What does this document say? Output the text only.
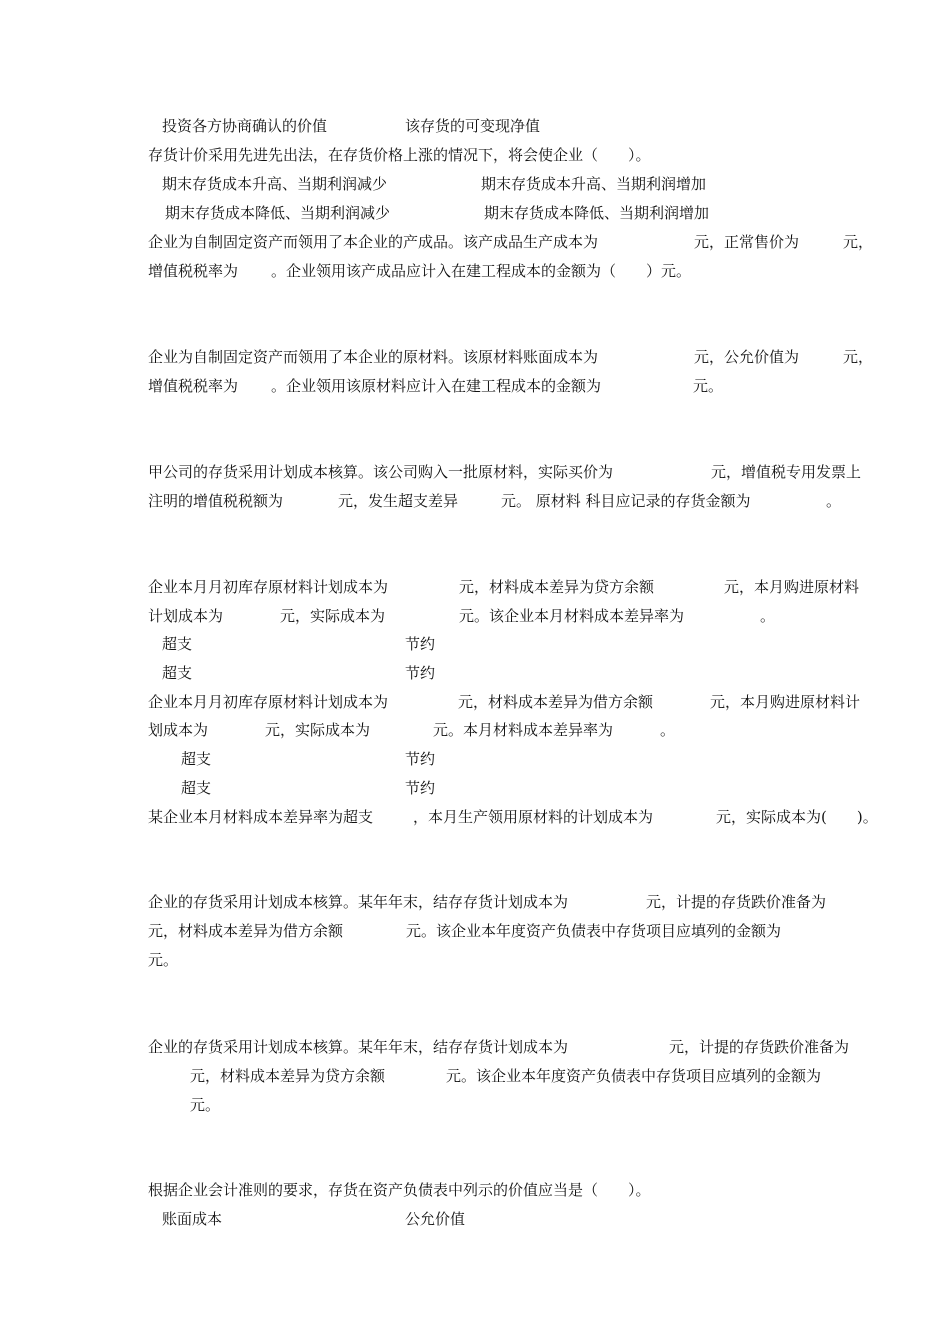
投资各方协商确认的价值	该存货的可变现净值
存货计价采用先进先出法，在存货价格上涨的情况下，将会使企业（　　）。
期末存货成本升高、当期利润减少	期末存货成本升高、当期利润增加
期末存货成本降低、当期利润减少	期末存货成本降低、当期利润增加
企业为自制固定资产而领用了本企业的产成品。该产成品生产成本为	元，正常售价为	元，
增值税税率为 。企业领用该产成品应计入在建工程成本的金额为（　　）元。
企业为自制固定资产而领用了本企业的原材料。该原材料账面成本为	元，公允价值为	元，
增值税税率为 。企业领用该原材料应计入在建工程成本的金额为	元。
甲公司的存货采用计划成本核算。该公司购入一批原材料，实际买价为	元，增值税专用发票上
注明的增值税税额为	元，发生超支差异	元。 原材料 科目应记录的存货金额为	。
企业本月月初库存原材料计划成本为	元，材料成本差异为贷方余额	元，本月购进原材料
计划成本为	元，实际成本为	元。该企业本月材料成本差异率为	。
超支	节约
超支	节约
企业本月月初库存原材料计划成本为	元，材料成本差异为借方余额	元，本月购进原材料计
划成本为	元，实际成本为	元。本月材料成本差异率为	。
超支	节约
超支	节约
某企业本月材料成本差异率为超支	，本月生产领用原材料的计划成本为	元，实际成本为(　　)。
企业的存货采用计划成本核算。某年年末，结存存货计划成本为	元，计提的存货跌价准备为
元，材料成本差异为借方余额	元。该企业本年度资产负债表中存货项目应填列的金额为
元。
企业的存货采用计划成本核算。某年年末，结存存货计划成本为	元，计提的存货跌价准备为
元，材料成本差异为贷方余额	元。该企业本年度资产负债表中存货项目应填列的金额为
元。
根据企业会计准则的要求，存货在资产负债表中列示的价值应当是（　　）。
账面成本	公允价值
